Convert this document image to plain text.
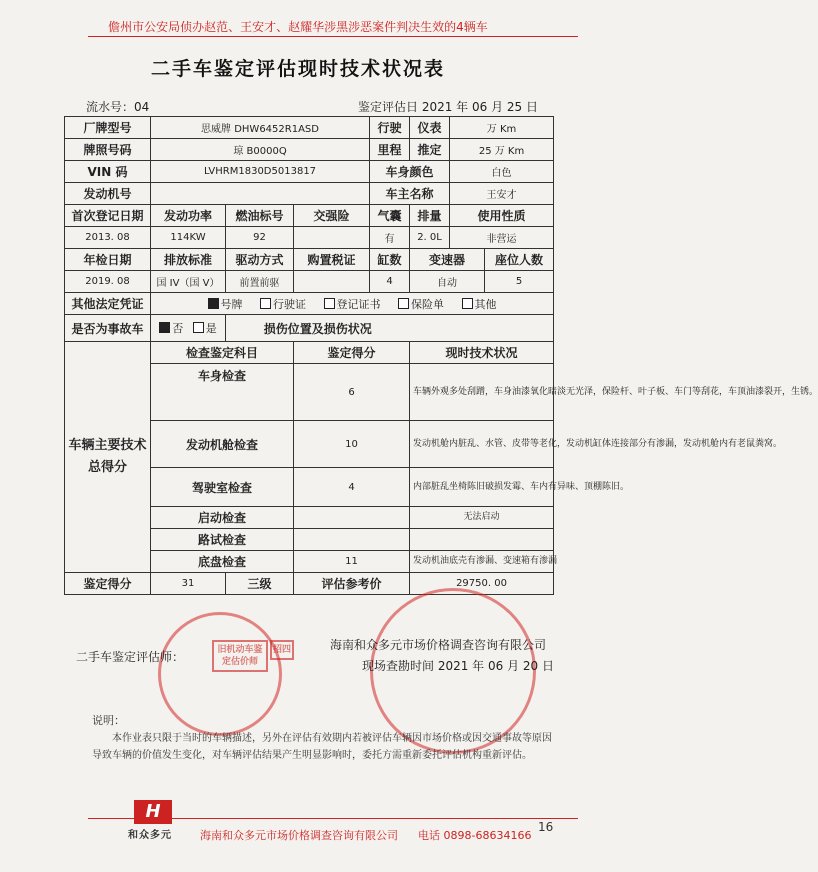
儋州市公安局侦办赵范、王安才、赵耀华涉黑涉恶案件判决生效的4辆车
二手车鉴定评估现时技术状况表
流水号：04	鉴定评估日 2021 年 06 月 25 日
厂牌型号	思威牌 DHW6452R1ASD			行驶	仪表	万 Km	
牌照号码	琼 B0000Q			里程	推定	25 万 Km	
VIN 码	LVHRM1830D5013817			车身颜色		白色	
发动机号				车主名称		王安才	
首次登记日期	发动功率	燃油标号	交强险	气囊	排量	使用性质	
2013. 08	114KW	92		有	2. 0L	非营运	
年检日期	排放标准	驱动方式	购置税证	缸数	变速器		座位人数
2019. 08	国 IV（国 V）	前置前驱		4	自动		5
其他法定凭证	号牌 行驶证 登记证书 保险单 其他						
是否为事故车	否 是	损伤位置及损伤状况					
车辆主要技术总得分	检查鉴定科目		鉴定得分		现时技术状况		
	车身检查		6		车辆外观多处刮蹭，车身油漆氧化暗淡无光泽，保险杆、叶子板、车门等刮花，车顶油漆裂开，生锈。		
	发动机舱检查		10		发动机舱内脏乱、水管、皮带等老化，发动机缸体连接部分有渗漏，发动机舱内有老鼠粪窝。		
	驾驶室检查		4		内部脏乱坐椅陈旧破损发霉、车内有异味、顶棚陈旧。		
	启动检查				无法启动		
	路试检查						
	底盘检查		11		发动机油底壳有渗漏、变速箱有渗漏		
鉴定得分	31	三级	评估参考价		29750. 00		
旧机动车鉴定估价师
招四
二手车鉴定评估师：
海南和众多元市场价格调查咨询有限公司
现场查勘时间 2021 年 06 月 20 日
说明：
本作业表只限于当时的车辆描述，另外在评估有效期内若被评估车辆因市场价格或因交通事故等原因导致车辆的价值发生变化，对车辆评估结果产生明显影响时，委托方需重新委托评估机构重新评估。
H
和众多元	海南和众多元市场价格调查咨询有限公司 电话 0898-68634166
16
